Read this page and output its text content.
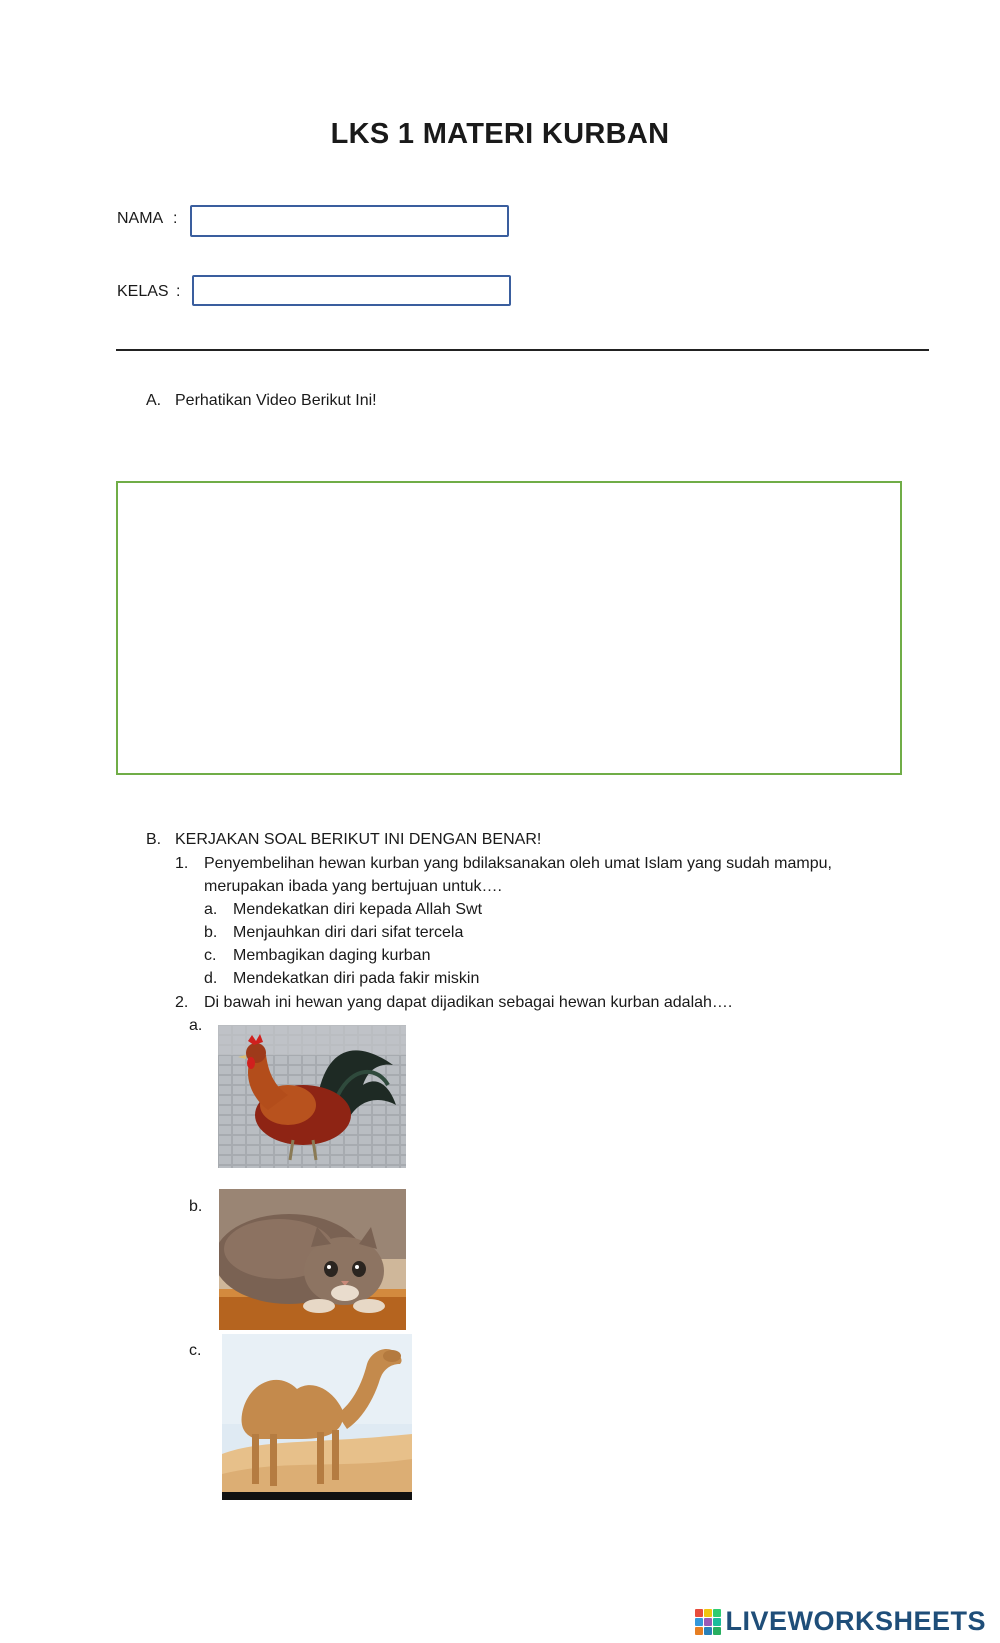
LKS 1 MATERI KURBAN
NAMA :
KELAS :
A. Perhatikan Video Berikut Ini!
B. KERJAKAN SOAL BERIKUT INI DENGAN BENAR!
1. Penyembelihan hewan kurban yang bdilaksanakan oleh umat Islam yang sudah mampu,
merupakan ibada yang bertujuan untuk….
a. Mendekatkan diri kepada Allah Swt
b. Menjauhkan diri dari sifat tercela
c. Membagikan daging kurban
d. Mendekatkan diri pada fakir miskin
2. Di bawah ini hewan yang dapat dijadikan sebagai hewan kurban adalah….
a.
b.
c.
LIVEWORKSHEETS
